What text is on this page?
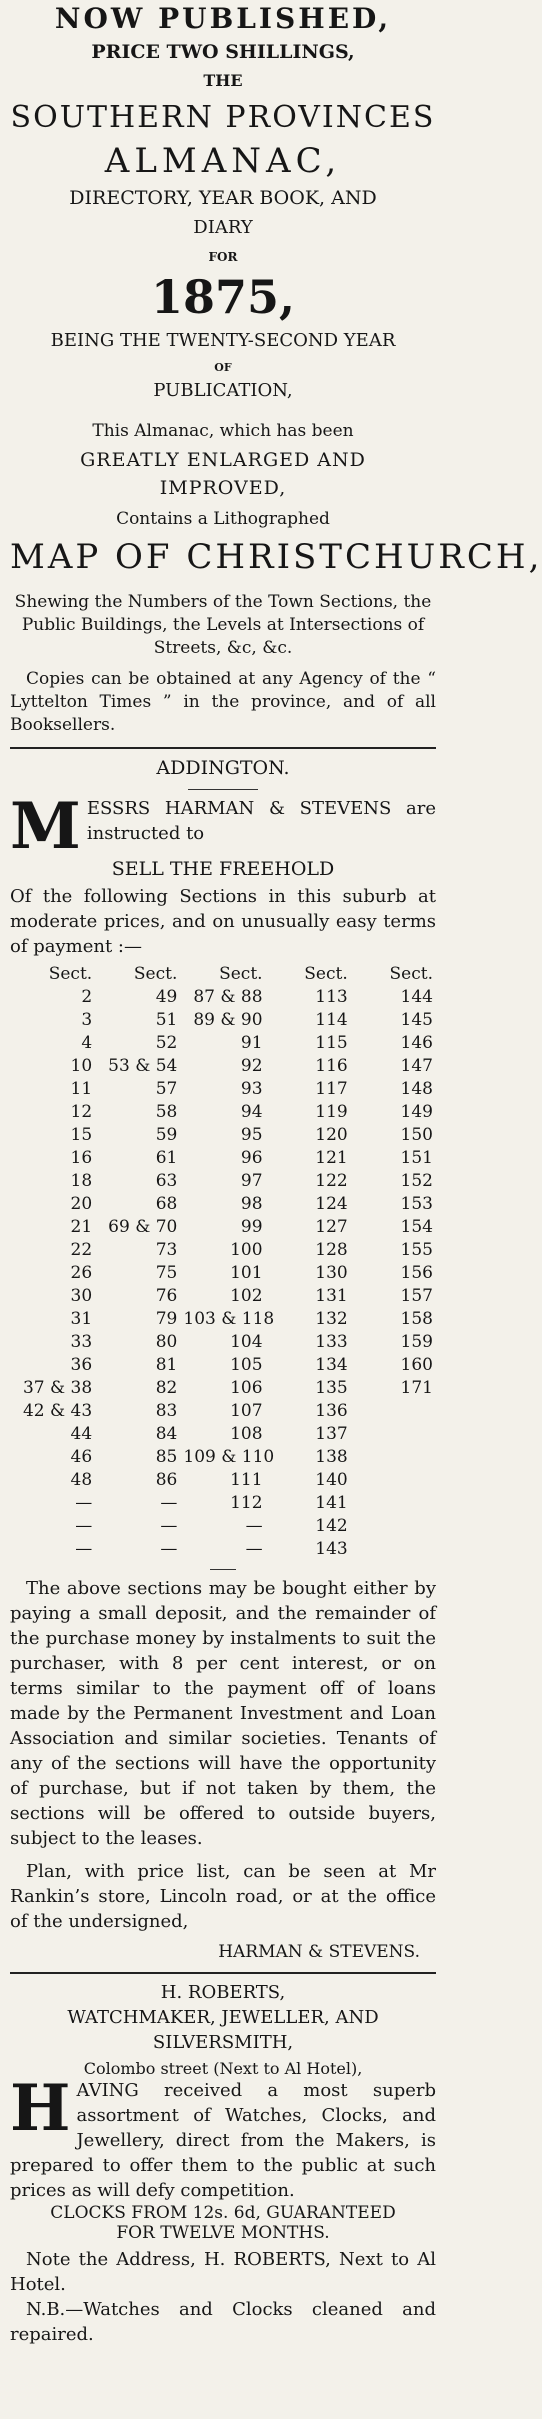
NOW PUBLISHED,
PRICE TWO SHILLINGS,
THE
SOUTHERN PROVINCES
ALMANAC,
DIRECTORY, YEAR BOOK, AND
DIARY
FOR
1875,
BEING THE TWENTY-SECOND YEAR
OF
PUBLICATION,
This Almanac, which has been
GREATLY ENLARGED AND
IMPROVED,
Contains a Lithographed
MAP OF CHRISTCHURCH,
Shewing the Numbers of the Town Sections, the Public Buildings, the Levels at Intersections of Streets, &c, &c.
Copies can be obtained at any Agency of the “ Lyttelton Times ” in the province, and of all Booksellers.
ADDINGTON.
M ESSRS HARMAN & STEVENS are instructed to
SELL THE FREEHOLD
Of the following Sections in this suburb at moderate prices, and on unusually easy terms of payment :—
Sect.	Sect.	Sect.	Sect.	Sect.
2	49	87 & 88	113	144
3	51	89 & 90	114	145
4	52	91	115	146
10	53 & 54	92	116	147
11	57	93	117	148
12	58	94	119	149
15	59	95	120	150
16	61	96	121	151
18	63	97	122	152
20	68	98	124	153
21	69 & 70	99	127	154
22	73	100	128	155
26	75	101	130	156
30	76	102	131	157
31	79	103 & 118	132	158
33	80	104	133	159
36	81	105	134	160
37 & 38	82	106	135	171
42 & 43	83	107	136	
44	84	108	137	
46	85	109 & 110	138	
48	86	111	140	
—	—	112	141	
—	—	—	142	
—	—	—	143	
The above sections may be bought either by paying a small deposit, and the remainder of the purchase money by instalments to suit the purchaser, with 8 per cent interest, or on terms similar to the payment off of loans made by the Permanent Investment and Loan Association and similar societies. Tenants of any of the sections will have the opportunity of purchase, but if not taken by them, the sections will be offered to outside buyers, subject to the leases.
Plan, with price list, can be seen at Mr Rankin’s store, Lincoln road, or at the office of the undersigned,
HARMAN & STEVENS.
H. ROBERTS,
WATCHMAKER, JEWELLER, AND
SILVERSMITH,
Colombo street (Next to Al Hotel),
H AVING received a most superb assortment of Watches, Clocks, and Jewellery, direct from the Makers, is prepared to offer them to the public at such prices as will defy competition.
CLOCKS FROM 12s. 6d, GUARANTEED
FOR TWELVE MONTHS.
Note the Address, H. ROBERTS, Next to Al Hotel.
N.B.—Watches and Clocks cleaned and repaired.
